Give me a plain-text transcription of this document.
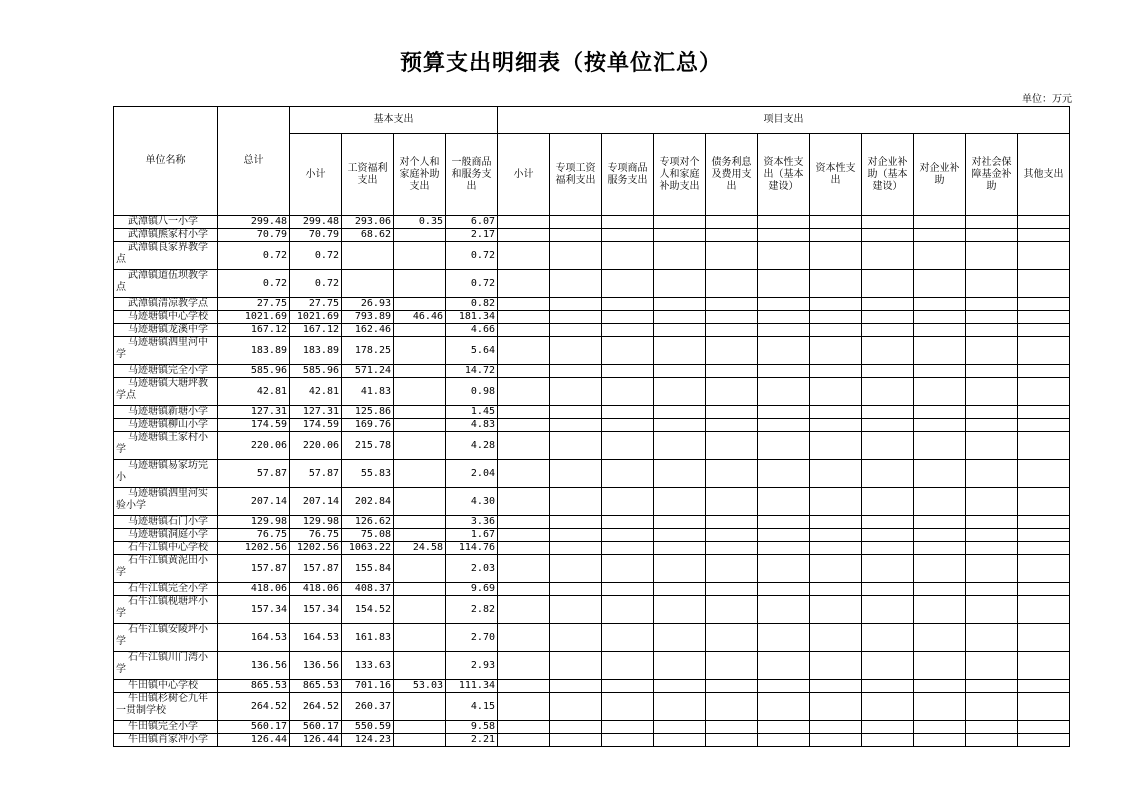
预算支出明细表（按单位汇总）
单位：万元
单位名称	总计	基本支出				项目支出										
		小计	工资福利支出	对个人和家庭补助支出	一般商品和服务支出	小计	专项工资福利支出	专项商品服务支出	专项对个人和家庭补助支出	债务利息及费用支出	资本性支出（基本建设）	资本性支出	对企业补助（基本建设）	对企业补助	对社会保障基金补助	其他支出
武潭镇八一小学	299.48	299.48	293.06	0.35	6.07											
武潭镇熊家村小学	70.79	70.79	68.62		2.17											
武潭镇良家界教学点	0.72	0.72			0.72											
武潭镇道伍坝教学点	0.72	0.72			0.72											
武潭镇清凉教学点	27.75	27.75	26.93		0.82											
马迹塘镇中心学校	1021.69	1021.69	793.89	46.46	181.34											
马迹塘镇龙溪中学	167.12	167.12	162.46		4.66											
马迹塘镇泗里河中学	183.89	183.89	178.25		5.64											
马迹塘镇完全小学	585.96	585.96	571.24		14.72											
马迹塘镇大塘坪教学点	42.81	42.81	41.83		0.98											
马迹塘镇新塘小学	127.31	127.31	125.86		1.45											
马迹塘镇柳山小学	174.59	174.59	169.76		4.83											
马迹塘镇王家村小学	220.06	220.06	215.78		4.28											
马迹塘镇易家坊完小	57.87	57.87	55.83		2.04											
马迹塘镇泗里河实验小学	207.14	207.14	202.84		4.30											
马迹塘镇石门小学	129.98	129.98	126.62		3.36											
马迹塘镇洞庭小学	76.75	76.75	75.08		1.67											
石牛江镇中心学校	1202.56	1202.56	1063.22	24.58	114.76											
石牛江镇黄泥田小学	157.87	157.87	155.84		2.03											
石牛江镇完全小学	418.06	418.06	408.37		9.69											
石牛江镇枧塘坪小学	157.34	157.34	154.52		2.82											
石牛江镇安陵坪小学	164.53	164.53	161.83		2.70											
石牛江镇川门湾小学	136.56	136.56	133.63		2.93											
牛田镇中心学校	865.53	865.53	701.16	53.03	111.34											
牛田镇杉树仑九年一贯制学校	264.52	264.52	260.37		4.15											
牛田镇完全小学	560.17	560.17	550.59		9.58											
牛田镇肖家冲小学	126.44	126.44	124.23		2.21											
